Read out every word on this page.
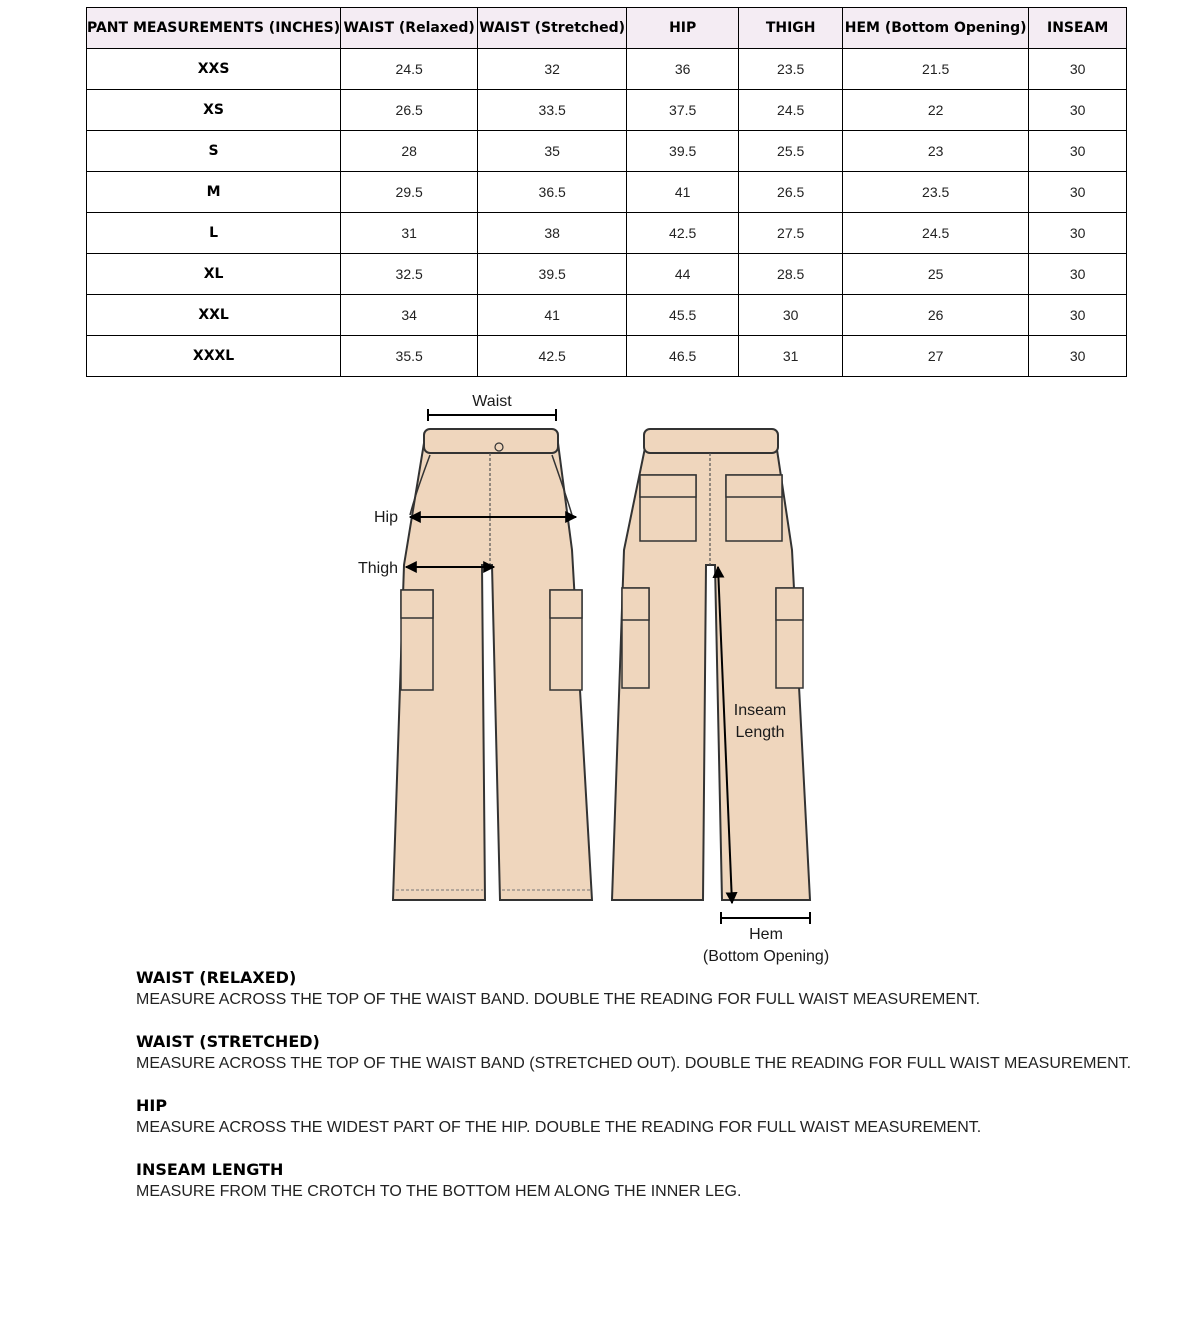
PANT MEASUREMENTS (INCHES)	WAIST (Relaxed)	WAIST (Stretched)	HIP	THIGH	HEM (Bottom Opening)	INSEAM
XXS	24.5	32	36	23.5	21.5	30
XS	26.5	33.5	37.5	24.5	22	30
S	28	35	39.5	25.5	23	30
M	29.5	36.5	41	26.5	23.5	30
L	31	38	42.5	27.5	24.5	30
XL	32.5	39.5	44	28.5	25	30
XXL	34	41	45.5	30	26	30
XXXL	35.5	42.5	46.5	31	27	30
Waist
Hip
Thigh
Inseam
Length
Hem
(Bottom Opening)
WAIST (RELAXED)
MEASURE ACROSS THE TOP OF THE WAIST BAND. DOUBLE THE READING FOR FULL WAIST MEASUREMENT.
WAIST (STRETCHED)
MEASURE ACROSS THE TOP OF THE WAIST BAND (STRETCHED OUT). DOUBLE THE READING FOR FULL WAIST MEASUREMENT.
HIP
MEASURE ACROSS THE WIDEST PART OF THE HIP. DOUBLE THE READING FOR FULL WAIST MEASUREMENT.
INSEAM LENGTH
MEASURE FROM THE CROTCH TO THE BOTTOM HEM ALONG THE INNER LEG.
